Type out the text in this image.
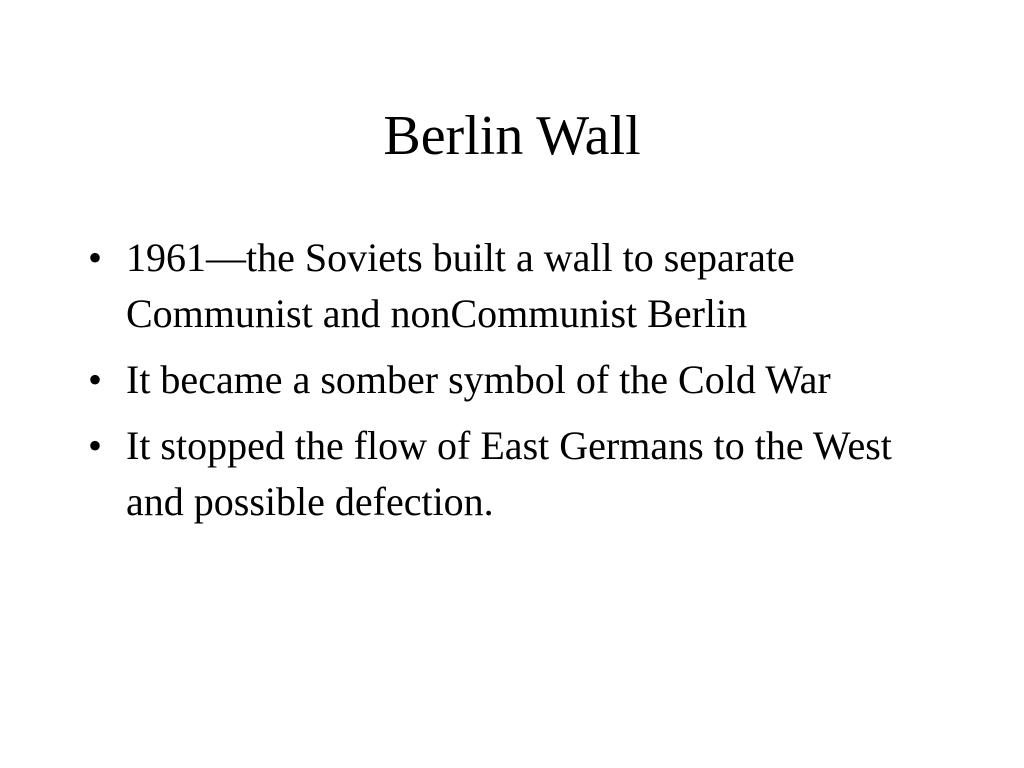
Berlin Wall
• 1961—the Soviets built a wall to separate Communist and nonCommunist Berlin
• It became a somber symbol of the Cold War
• It stopped the flow of East Germans to the West and possible defection.
